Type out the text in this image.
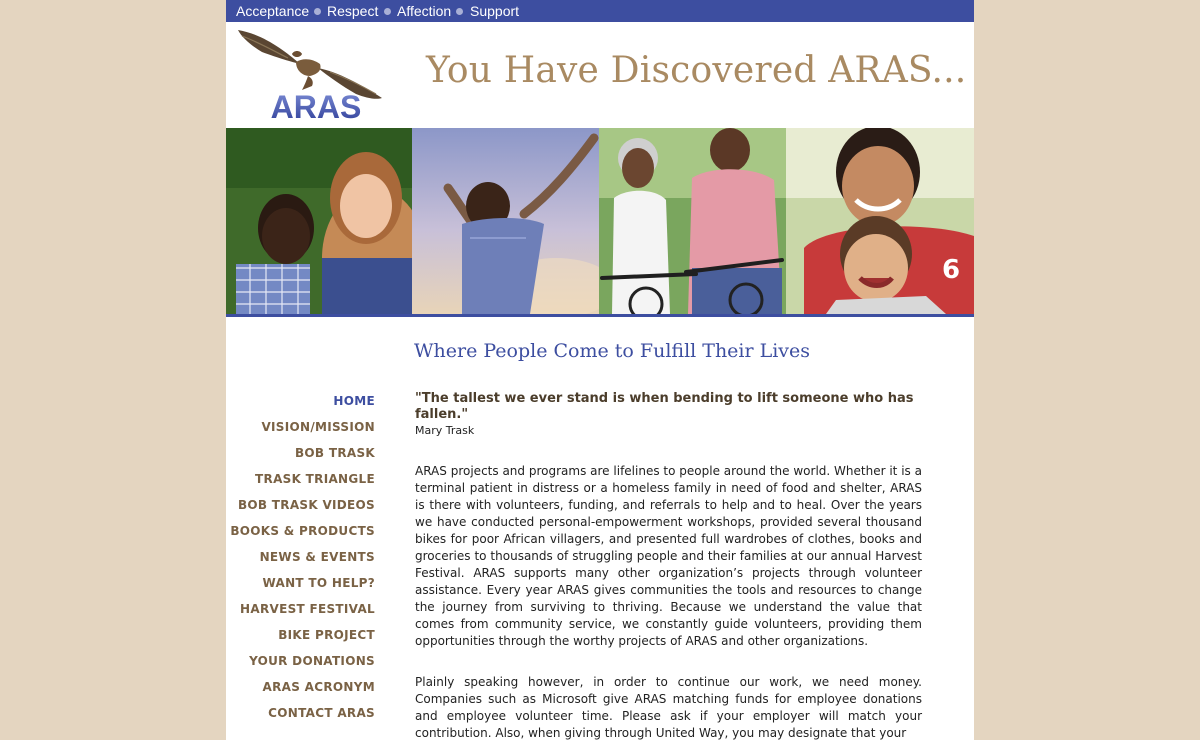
Acceptance Respect Affection Support
ARAS
You Have Discovered ARAS...
6
Where People Come to Fulfill Their Lives
HOME
VISION/MISSION
BOB TRASK
TRASK TRIANGLE
BOB TRASK VIDEOS
BOOKS & PRODUCTS
NEWS & EVENTS
WANT TO HELP?
HARVEST FESTIVAL
BIKE PROJECT
YOUR DONATIONS
ARAS ACRONYM
CONTACT ARAS

"The tallest we ever stand is when bending to lift someone who has fallen."

Mary Trask

ARAS projects and programs are lifelines to people around the world. Whether it is a terminal patient in distress or a homeless family in need of food and shelter, ARAS is there with volunteers, funding, and referrals to help and to heal. Over the years we have conducted personal-empowerment workshops, provided several thousand bikes for poor African villagers, and presented full wardrobes of clothes, books and groceries to thousands of struggling people and their families at our annual Harvest Festival. ARAS supports many other organization’s projects through volunteer assistance. Every year ARAS gives communities the tools and resources to change the journey from surviving to thriving. Because we understand the value that comes from community service, we constantly guide volunteers, providing them opportunities through the worthy projects of ARAS and other organizations.

Plainly speaking however, in order to continue our work, we need money. Companies such as Microsoft give ARAS matching funds for employee donations and employee volunteer time. Please ask if your employer will match your contribution. Also, when giving through United Way, you may designate that your
